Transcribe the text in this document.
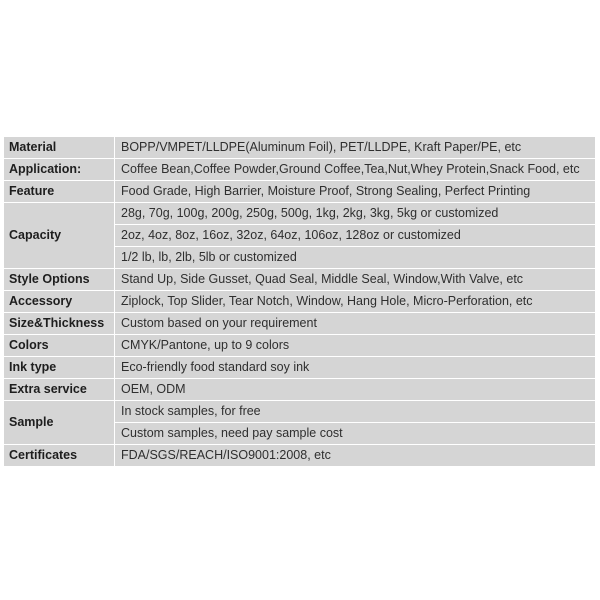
Material	BOPP/VMPET/LLDPE(Aluminum Foil), PET/LLDPE, Kraft Paper/PE, etc
Application:	Coffee Bean,Coffee Powder,Ground Coffee,Tea,Nut,Whey Protein,Snack Food, etc
Feature	Food Grade, High Barrier, Moisture Proof, Strong Sealing, Perfect Printing
Capacity	28g, 70g, 100g, 200g, 250g, 500g, 1kg, 2kg, 3kg, 5kg or customized
	2oz, 4oz, 8oz, 16oz, 32oz, 64oz, 106oz, 128oz or customized
	1/2 lb, lb, 2lb, 5lb or customized
Style Options	Stand Up, Side Gusset, Quad Seal, Middle Seal, Window,With Valve, etc
Accessory	Ziplock, Top Slider, Tear Notch, Window, Hang Hole, Micro-Perforation, etc
Size&Thickness	Custom based on your requirement
Colors	CMYK/Pantone, up to 9 colors
Ink type	Eco-friendly food standard soy ink
Extra service	OEM, ODM
Sample	In stock samples, for free
	Custom samples, need pay sample cost
Certificates	FDA/SGS/REACH/ISO9001:2008, etc
